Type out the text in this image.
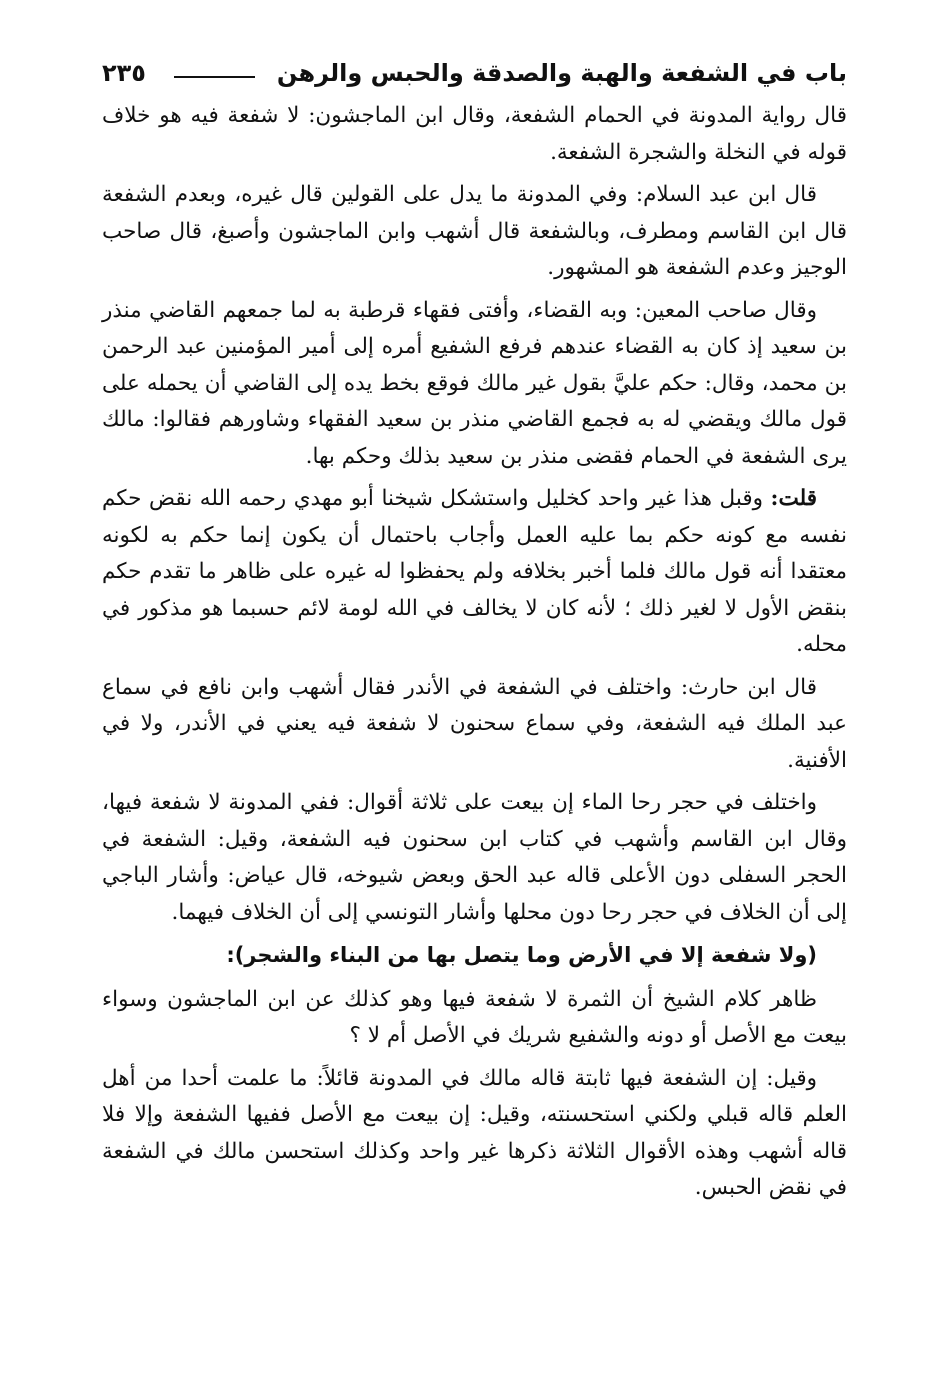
باب في الشفعة والهبة والصدقة والحبس والرهن
٢٣٥

قال رواية المدونة في الحمام الشفعة، وقال ابن الماجشون: لا شفعة فيه هو خلاف قوله في النخلة والشجرة الشفعة.

قال ابن عبد السلام: وفي المدونة ما يدل على القولين قال غيره، وبعدم الشفعة قال ابن القاسم ومطرف، وبالشفعة قال أشهب وابن الماجشون وأصبغ، قال صاحب الوجيز وعدم الشفعة هو المشهور.

وقال صاحب المعين: وبه القضاء، وأفتى فقهاء قرطبة به لما جمعهم القاضي منذر بن سعيد إذ كان به القضاء عندهم فرفع الشفيع أمره إلى أمير المؤمنين عبد الرحمن بن محمد، وقال: حكم عليَّ بقول غير مالك فوقع بخط يده إلى القاضي أن يحمله على قول مالك ويقضي له به فجمع القاضي منذر بن سعيد الفقهاء وشاورهم فقالوا: مالك يرى الشفعة في الحمام فقضى منذر بن سعيد بذلك وحكم بها.

قلت: وقبل هذا غير واحد كخليل واستشكل شيخنا أبو مهدي رحمه الله نقض حكم نفسه مع كونه حكم بما عليه العمل وأجاب باحتمال أن يكون إنما حكم به لكونه معتقدا أنه قول مالك فلما أخبر بخلافه ولم يحفظوا له غيره على ظاهر ما تقدم حكم بنقض الأول لا لغير ذلك ؛ لأنه كان لا يخالف في الله لومة لائم حسبما هو مذكور في محله.

قال ابن حارث: واختلف في الشفعة في الأندر فقال أشهب وابن نافع في سماع عبد الملك فيه الشفعة، وفي سماع سحنون لا شفعة فيه يعني في الأندر، ولا في الأفنية.

واختلف في حجر رحا الماء إن بيعت على ثلاثة أقوال: ففي المدونة لا شفعة فيها، وقال ابن القاسم وأشهب في كتاب ابن سحنون فيه الشفعة، وقيل: الشفعة في الحجر السفلى دون الأعلى قاله عبد الحق وبعض شيوخه، قال عياض: وأشار الباجي إلى أن الخلاف في حجر رحا دون محلها وأشار التونسي إلى أن الخلاف فيهما.

(ولا شفعة إلا في الأرض وما يتصل بها من البناء والشجر):

ظاهر كلام الشيخ أن الثمرة لا شفعة فيها وهو كذلك عن ابن الماجشون وسواء بيعت مع الأصل أو دونه والشفيع شريك في الأصل أم لا ؟

وقيل: إن الشفعة فيها ثابتة قاله مالك في المدونة قائلاً: ما علمت أحدا من أهل العلم قاله قبلي ولكني استحسنته، وقيل: إن بيعت مع الأصل ففيها الشفعة وإلا فلا قاله أشهب وهذه الأقوال الثلاثة ذكرها غير واحد وكذلك استحسن مالك في الشفعة في نقض الحبس.
